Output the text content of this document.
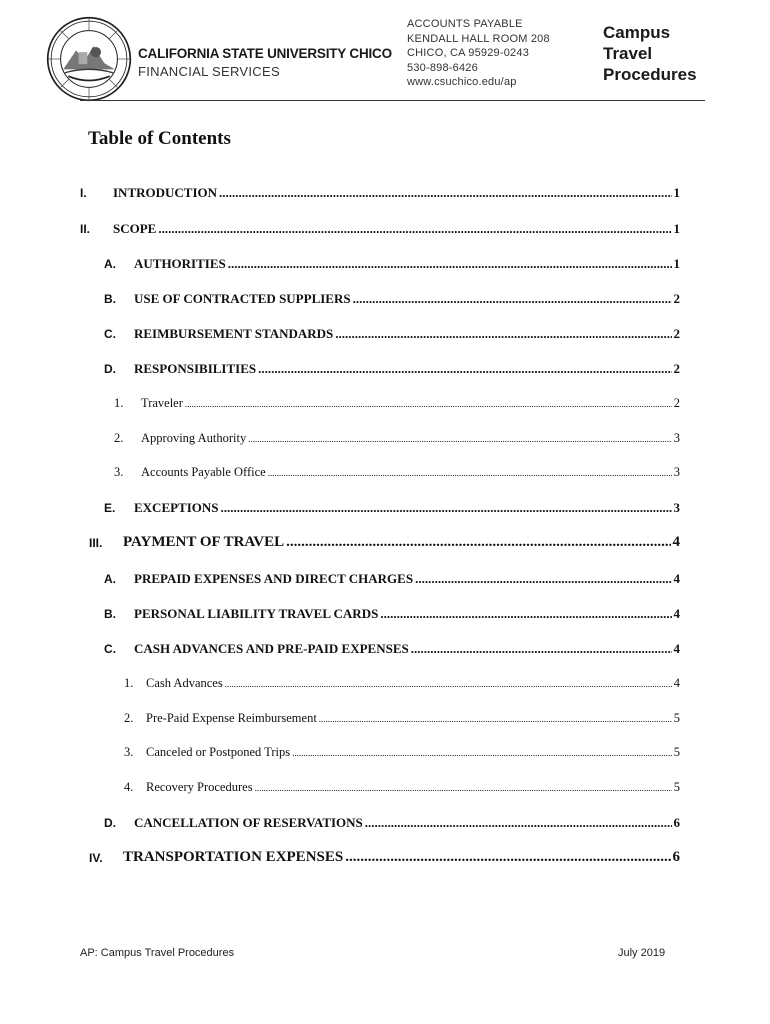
CALIFORNIA STATE UNIVERSITY CHICO
FINANCIAL SERVICES
ACCOUNTS PAYABLE
KENDALL HALL ROOM 208
CHICO, CA 95929-0243
530-898-6426
www.csuchico.edu/ap
Campus
Travel
Procedures
Table of Contents
I. INTRODUCTION .....	1
II. SCOPE .....	1
A. AUTHORITIES .....	1
B. USE OF CONTRACTED SUPPLIERS .....	2
C. REIMBURSEMENT STANDARDS .....	2
D. RESPONSIBILITIES .....	2
1. Traveler .....	2
2. Approving Authority .....	3
3. Accounts Payable Office .....	3
E. EXCEPTIONS .....	3
III. PAYMENT OF TRAVEL .....	4
A. PREPAID EXPENSES AND DIRECT CHARGES .....	4
B. PERSONAL LIABILITY TRAVEL CARDS .....	4
C. CASH ADVANCES AND PRE-PAID EXPENSES .....	4
1. Cash Advances .....	4
2. Pre-Paid Expense Reimbursement .....	5
3. Canceled or Postponed Trips .....	5
4. Recovery Procedures .....	5
D. CANCELLATION OF RESERVATIONS .....	6
IV. TRANSPORTATION EXPENSES .....	6
AP: Campus Travel Procedures	July 2019
